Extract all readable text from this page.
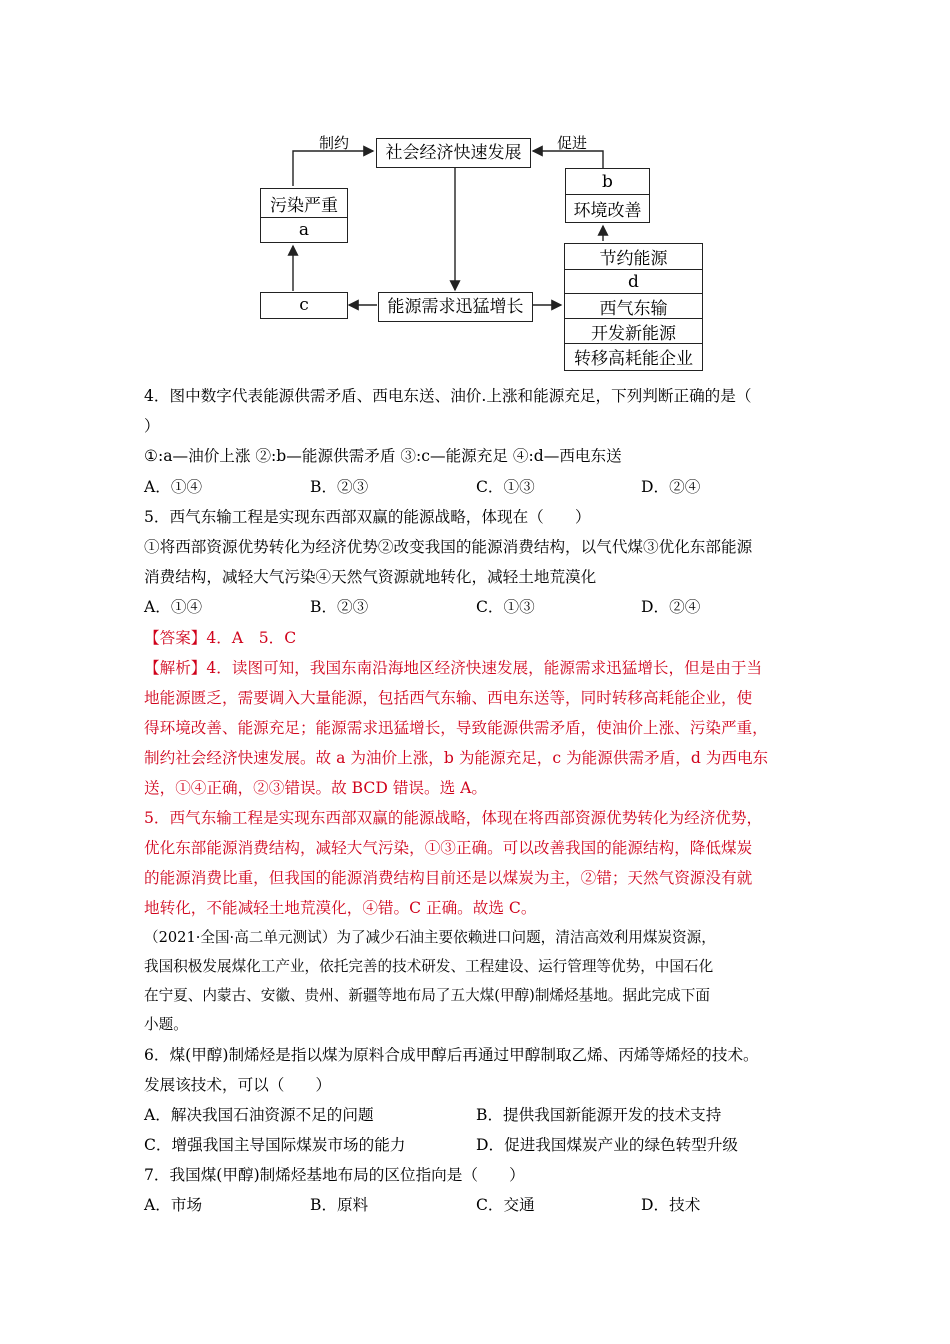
制约	促进
社会经济快速发展
污染严重
a
b
环境改善
c	能源需求迅猛增长
节约能源
d
西气东输
开发新能源
转移高耗能企业
4．图中数字代表能源供需矛盾、西电东送、油价.上涨和能源充足，下列判断正确的是（
）
①:a—油价上涨 ②:b—能源供需矛盾 ③:c—能源充足 ④:d—西电东送
A．①④	B．②③	C．①③	D．②④
5．西气东输工程是实现东西部双赢的能源战略，体现在（　　）
①将西部资源优势转化为经济优势②改变我国的能源消费结构，以气代煤③优化东部能源
消费结构，减轻大气污染④天然气资源就地转化，减轻土地荒漠化
A．①④	B．②③	C．①③	D．②④
【答案】4．A　5．C
【解析】4．读图可知，我国东南沿海地区经济快速发展，能源需求迅猛增长，但是由于当
地能源匮乏，需要调入大量能源，包括西气东输、西电东送等，同时转移高耗能企业，使
得环境改善、能源充足；能源需求迅猛增长，导致能源供需矛盾，使油价上涨、污染严重，
制约社会经济快速发展。故 a 为油价上涨，b 为能源充足，c 为能源供需矛盾，d 为西电东
送，①④正确，②③错误。故 BCD 错误。选 A。
5．西气东输工程是实现东西部双赢的能源战略，体现在将西部资源优势转化为经济优势，
优化东部能源消费结构，减轻大气污染，①③正确。可以改善我国的能源结构，降低煤炭
的能源消费比重，但我国的能源消费结构目前还是以煤炭为主，②错；天然气资源没有就
地转化，不能减轻土地荒漠化，④错。C 正确。故选 C。
（2021·全国·高二单元测试）为了减少石油主要依赖进口问题，清洁高效利用煤炭资源，
我国积极发展煤化工产业，依托完善的技术研发、工程建设、运行管理等优势，中国石化
在宁夏、内蒙古、安徽、贵州、新疆等地布局了五大煤(甲醇)制烯烃基地。据此完成下面
小题。
6．煤(甲醇)制烯烃是指以煤为原料合成甲醇后再通过甲醇制取乙烯、丙烯等烯烃的技术。
发展该技术，可以（　　）
A．解决我国石油资源不足的问题	B．提供我国新能源开发的技术支持
C．增强我国主导国际煤炭市场的能力	D．促进我国煤炭产业的绿色转型升级
7．我国煤(甲醇)制烯烃基地布局的区位指向是（　　）
A．市场	B．原料	C．交通	D．技术
